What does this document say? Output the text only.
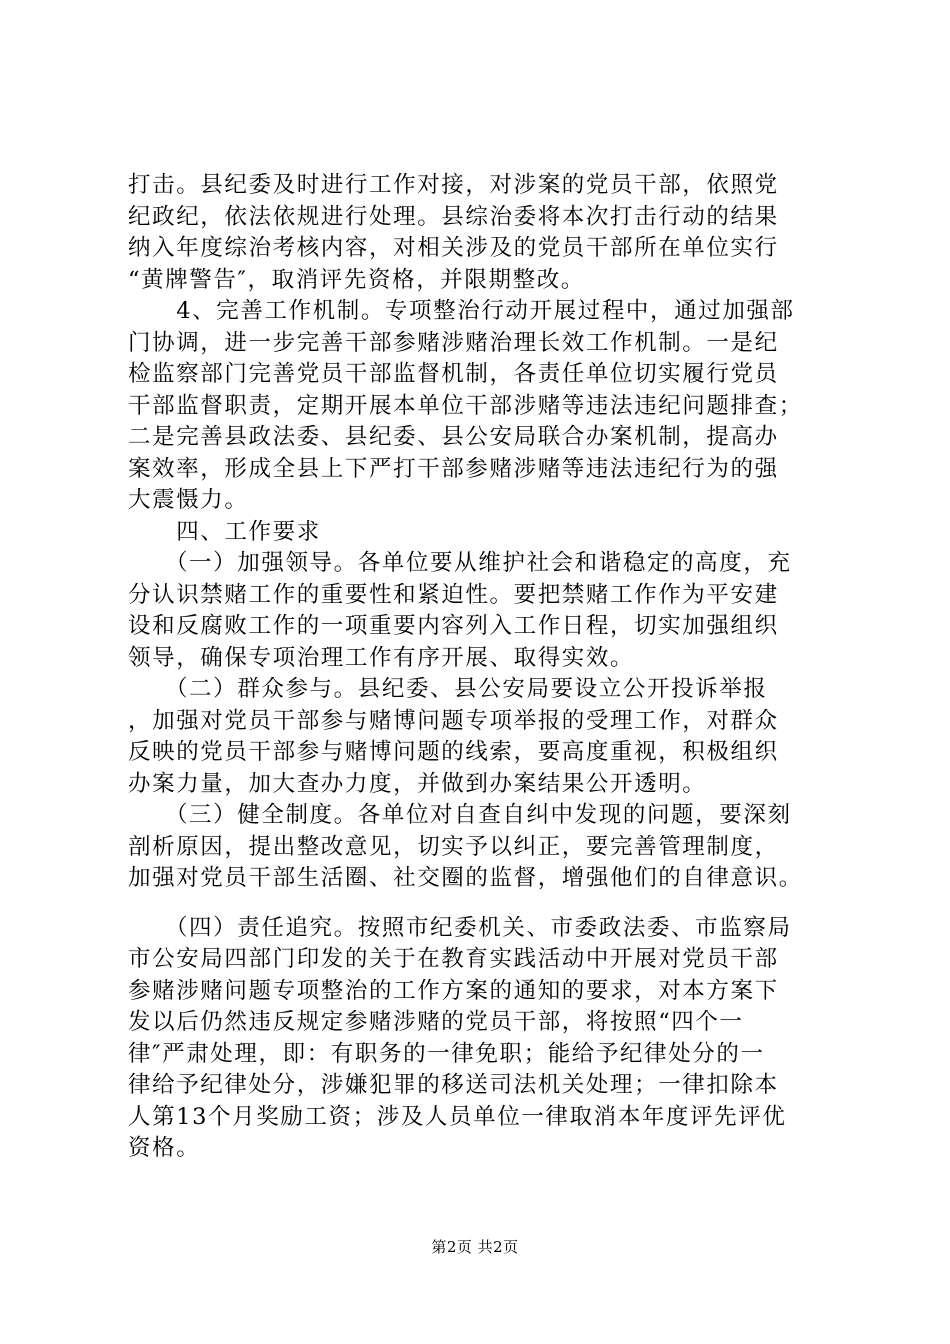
打击。县纪委及时进行工作对接，对涉案的党员干部，依照党
纪政纪，依法依规进行处理。县综治委将本次打击行动的结果
纳入年度综治考核内容，对相关涉及的党员干部所在单位实行
“黄牌警告″，取消评先资格，并限期整改。
　　4、完善工作机制。专项整治行动开展过程中，通过加强部
门协调，进一步完善干部参赌涉赌治理长效工作机制。一是纪
检监察部门完善党员干部监督机制，各责任单位切实履行党员
干部监督职责，定期开展本单位干部涉赌等违法违纪问题排查；
二是完善县政法委、县纪委、县公安局联合办案机制，提高办
案效率，形成全县上下严打干部参赌涉赌等违法违纪行为的强
大震慑力。
　　四、工作要求
　　（一）加强领导。各单位要从维护社会和谐稳定的高度，充
分认识禁赌工作的重要性和紧迫性。要把禁赌工作作为平安建
设和反腐败工作的一项重要内容列入工作日程，切实加强组织
领导，确保专项治理工作有序开展、取得实效。
　　（二）群众参与。县纪委、县公安局要设立公开投诉举报
，加强对党员干部参与赌博问题专项举报的受理工作，对群众
反映的党员干部参与赌博问题的线索，要高度重视，积极组织
办案力量，加大查办力度，并做到办案结果公开透明。
　　（三）健全制度。各单位对自查自纠中发现的问题，要深刻
剖析原因，提出整改意见，切实予以纠正，要完善管理制度，
加强对党员干部生活圈、社交圈的监督，增强他们的自律意识。
　　（四）责任追究。按照市纪委机关、市委政法委、市监察局
市公安局四部门印发的关于在教育实践活动中开展对党员干部
参赌涉赌问题专项整治的工作方案的通知的要求，对本方案下
发以后仍然违反规定参赌涉赌的党员干部，将按照“四个一
律″严肃处理，即：有职务的一律免职；能给予纪律处分的一
律给予纪律处分，涉嫌犯罪的移送司法机关处理；一律扣除本
人第13个月奖励工资；涉及人员单位一律取消本年度评先评优
资格。
第2页 共2页
